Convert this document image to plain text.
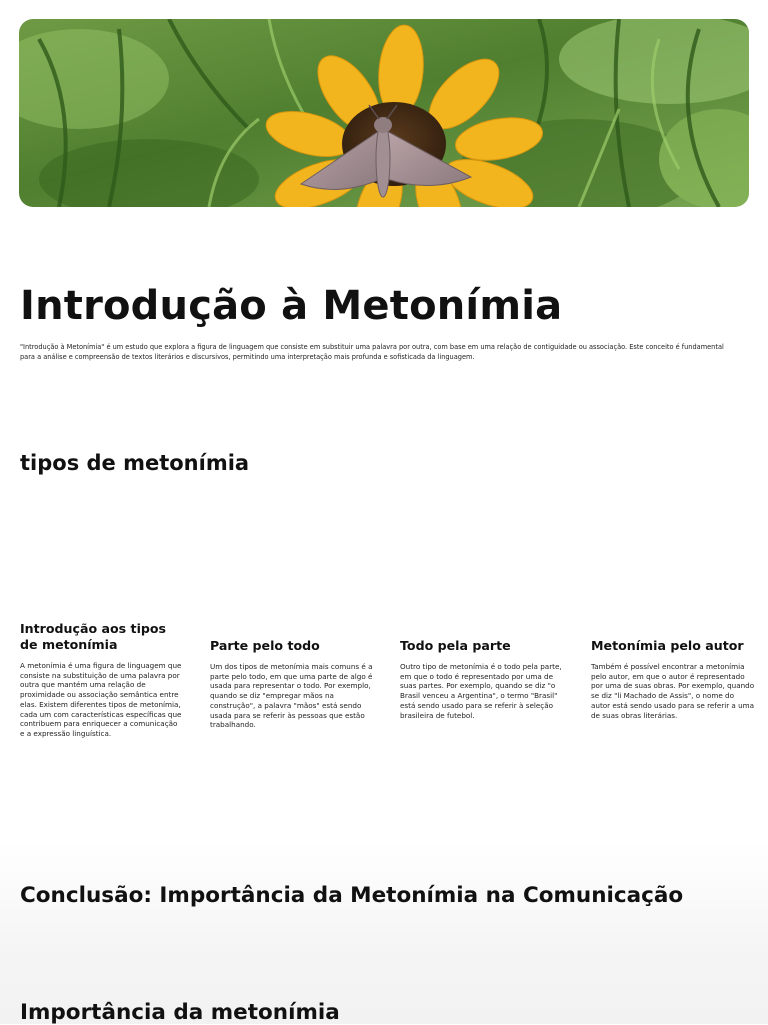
Introdução à Metonímia

"Introdução à Metonímia" é um estudo que explora a figura de linguagem que consiste em substituir uma palavra por outra, com base em uma relação de contiguidade ou associação. Este conceito é fundamental para a análise e compreensão de textos literários e discursivos, permitindo uma interpretação mais profunda e sofisticada da linguagem.

tipos de metonímia
Introdução aos tipos de metonímia

A metonímia é uma figura de linguagem que consiste na substituição de uma palavra por outra que mantém uma relação de proximidade ou associação semântica entre elas. Existem diferentes tipos de metonímia, cada um com características específicas que contribuem para enriquecer a comunicação e a expressão linguística.

Parte pelo todo

Um dos tipos de metonímia mais comuns é a parte pelo todo, em que uma parte de algo é usada para representar o todo. Por exemplo, quando se diz "empregar mãos na construção", a palavra "mãos" está sendo usada para se referir às pessoas que estão trabalhando.

Todo pela parte

Outro tipo de metonímia é o todo pela parte, em que o todo é representado por uma de suas partes. Por exemplo, quando se diz "o Brasil venceu a Argentina", o termo "Brasil" está sendo usado para se referir à seleção brasileira de futebol.

Metonímia pelo autor

Também é possível encontrar a metonímia pelo autor, em que o autor é representado por uma de suas obras. Por exemplo, quando se diz "li Machado de Assis", o nome do autor está sendo usado para se referir a uma de suas obras literárias.

Conclusão: Importância da Metonímia na Comunicação
Importância da metonímia
